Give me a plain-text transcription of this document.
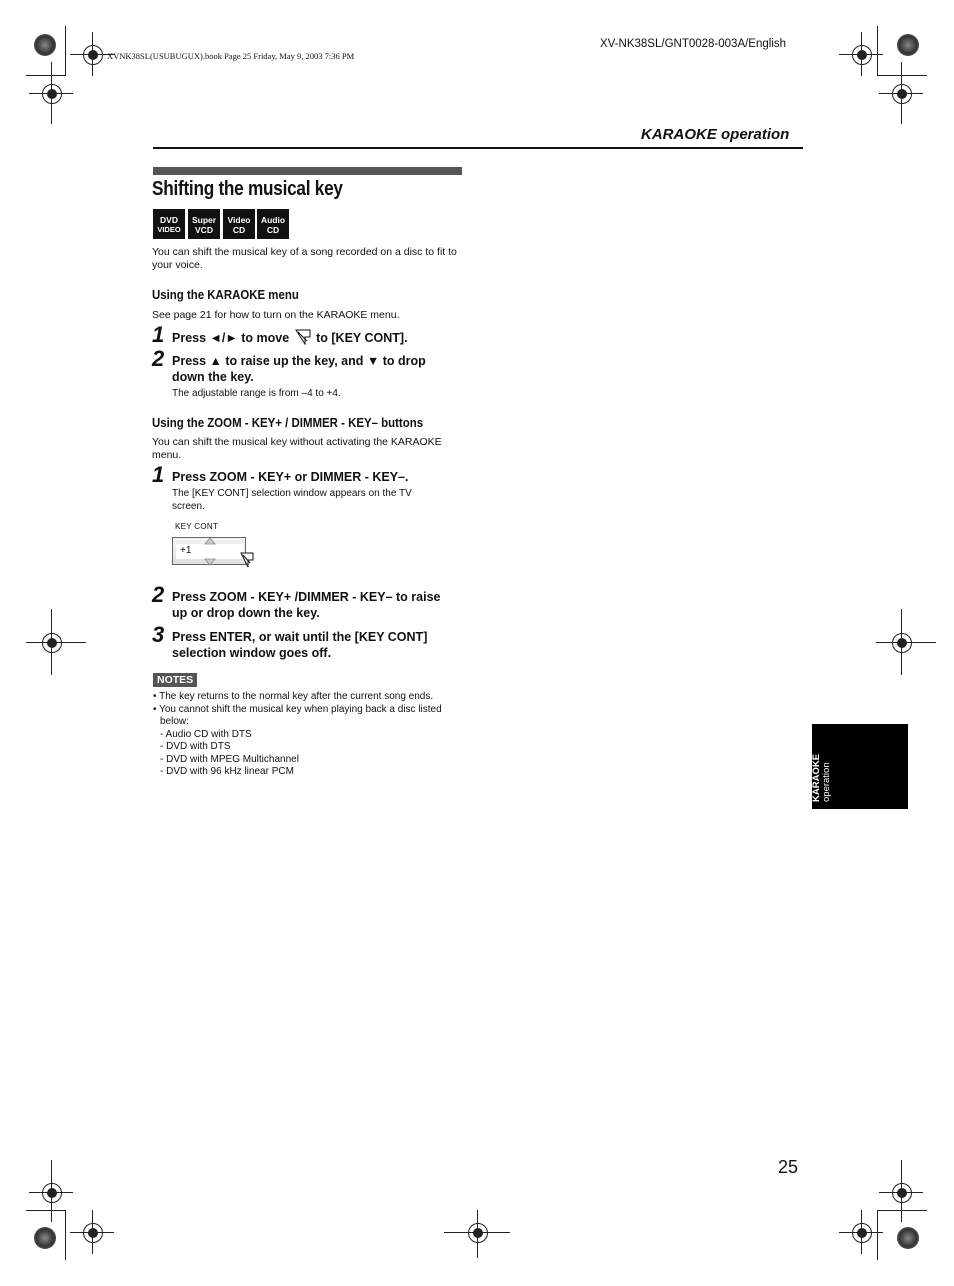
XVNK38SL(USUBUGUX).book Page 25 Friday, May 9, 2003 7:36 PM
XV-NK38SL/GNT0028-003A/English
KARAOKE operation
Shifting the musical key
DVD
VIDEO
Super
VCD
Video
CD
Audio
CD
You can shift the musical key of a song recorded on a disc to fit to
your voice.
Using the KARAOKE menu
See page 21 for how to turn on the KARAOKE menu.
1 Press ◄/► to move to [KEY CONT].
2 Press ▲ to raise up the key, and ▼ to drop
down the key.
The adjustable range is from –4 to +4.
Using the ZOOM - KEY+ / DIMMER - KEY– buttons
You can shift the musical key without activating the KARAOKE
menu.
1 Press ZOOM - KEY+ or DIMMER - KEY–.
The [KEY CONT] selection window appears on the TV
screen.
KEY CONT
+1
2 Press ZOOM - KEY+ /DIMMER - KEY– to raise
up or drop down the key.
3 Press ENTER, or wait until the [KEY CONT]
selection window goes off.
NOTES
• The key returns to the normal key after the current song ends.
• You cannot shift the musical key when playing back a disc listed
below:
- Audio CD with DTS
- DVD with DTS
- DVD with MPEG Multichannel
- DVD with 96 kHz linear PCM	KARAOKE operation
25
